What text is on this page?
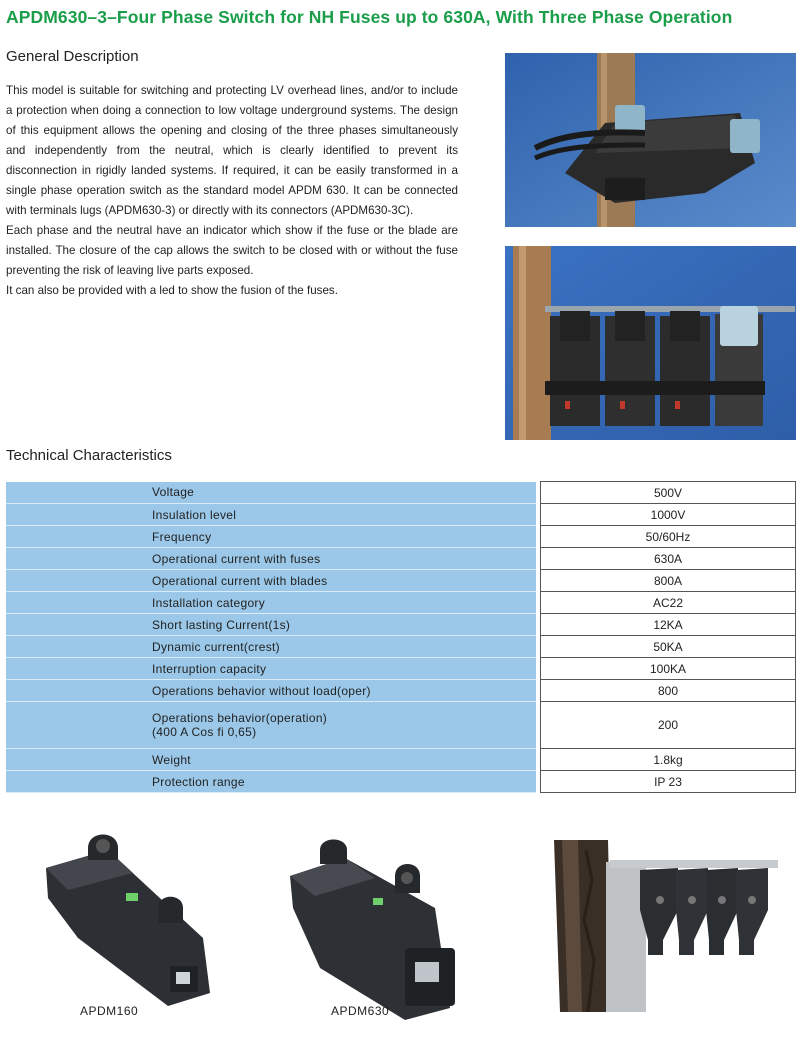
APDM630–3–Four Phase Switch for NH Fuses up to 630A, With Three Phase Operation
General Description

This model is suitable for switching and protecting LV overhead lines, and/or to include a protection when doing a connection to low voltage underground systems. The design of this equipment allows the opening and closing of the three phases simultaneously and independently from the neutral, which is clearly identified to prevent its disconnection in rigidly landed systems. If required, it can be easily transformed in a single phase operation switch as the standard model APDM 630. It can be connected with terminals lugs (APDM630-3) or directly with its connectors (APDM630-3C).

Each phase and the neutral have an indicator which show if the fuse or the blade are installed. The closure of the cap allows the switch to be closed with or without the fuse preventing the risk of leaving live parts exposed.

It can also be provided with a led to show the fusion of the fuses.

Technical Characteristics
Voltage		500V
Insulation level		1000V
Frequency		50/60Hz
Operational current with fuses		630A
Operational current with blades		800A
Installation category		AC22
Short lasting Current(1s)		12KA
Dynamic current(crest)		50KA
Interruption capacity		100KA
Operations behavior without load(oper)		800
Operations behavior(operation)
(400 A Cos fi 0,65)		200
Weight		1.8kg
Protection range		IP 23
APDM160	APDM630
